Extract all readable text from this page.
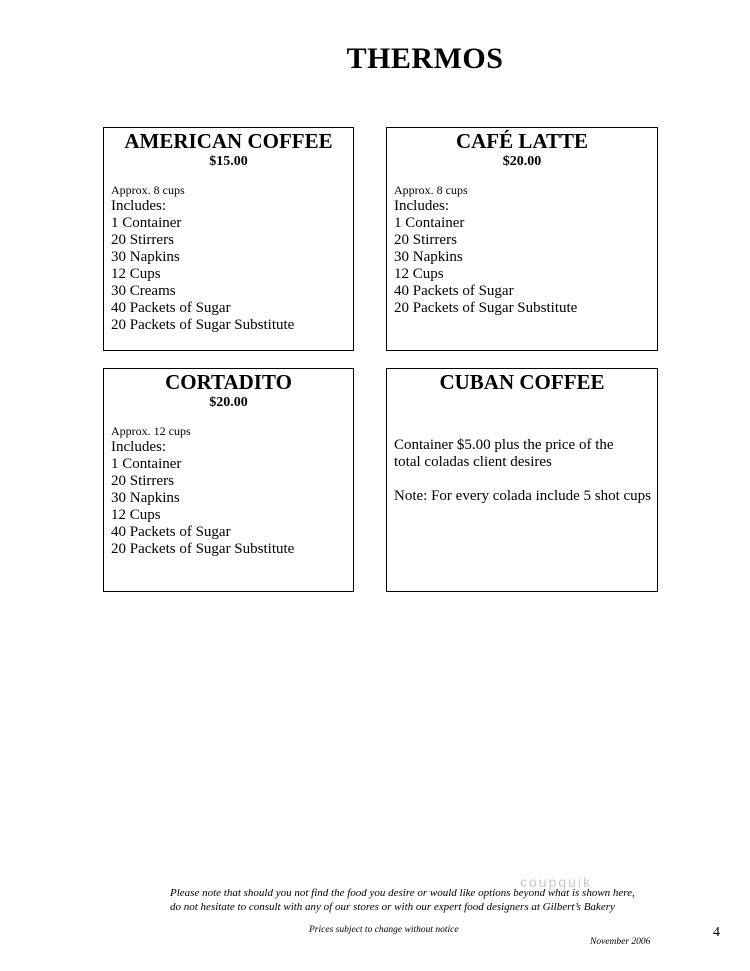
THERMOS
AMERICAN COFFEE
$15.00
Approx. 8 cups
Includes:
1 Container
20 Stirrers
30 Napkins
12 Cups
30 Creams
40 Packets of Sugar
20 Packets of Sugar Substitute
CAFÉ LATTE
$20.00
Approx. 8 cups
Includes:
1 Container
20 Stirrers
30 Napkins
12 Cups
40 Packets of Sugar
20 Packets of Sugar Substitute
CORTADITO
$20.00
Approx. 12 cups
Includes:
1 Container
20 Stirrers
30 Napkins
12 Cups
40 Packets of Sugar
20 Packets of Sugar Substitute
CUBAN COFFEE

Container $5.00 plus the price of the
total coladas client desires

Note: For every colada include 5 shot cups

coupquik
Please note that should you not find the food you desire or would like options beyond what is shown here,
do not hesitate to consult with any of our stores or with our expert food designers at Gilbert’s Bakery
Prices subject to change without notice	4
November 2006
